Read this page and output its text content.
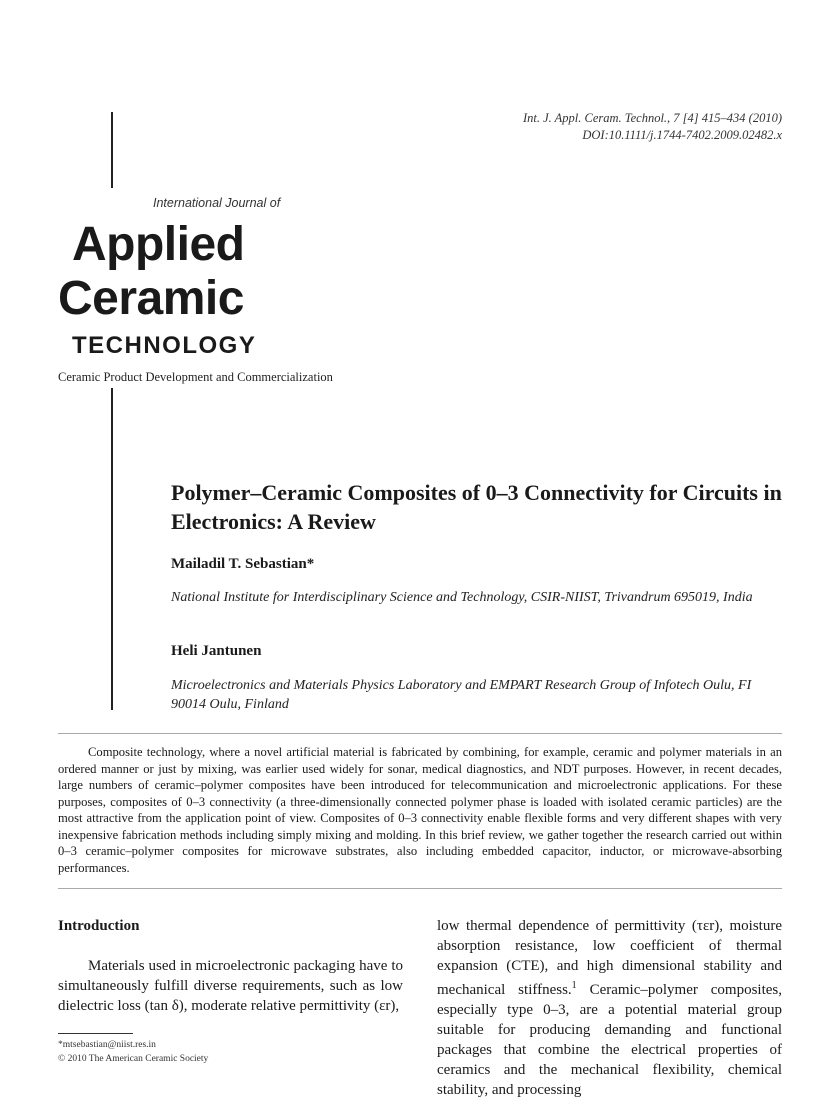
Int. J. Appl. Ceram. Technol., 7 [4] 415–434 (2010)
DOI:10.1111/j.1744-7402.2009.02482.x
International Journal of
Applied
Ceramic
TECHNOLOGY
Ceramic Product Development and Commercialization
Polymer–Ceramic Composites of 0–3 Connectivity for Circuits in Electronics: A Review
Mailadil T. Sebastian*
National Institute for Interdisciplinary Science and Technology, CSIR-NIIST, Trivandrum 695019, India
Heli Jantunen
Microelectronics and Materials Physics Laboratory and EMPART Research Group of Infotech Oulu, FI 90014 Oulu, Finland

Composite technology, where a novel artificial material is fabricated by combining, for example, ceramic and polymer materials in an ordered manner or just by mixing, was earlier used widely for sonar, medical diagnostics, and NDT purposes. However, in recent decades, large numbers of ceramic–polymer composites have been introduced for telecommunication and microelectronic applications. For these purposes, composites of 0–3 connectivity (a three-dimensionally connected polymer phase is loaded with isolated ceramic particles) are the most attractive from the application point of view. Composites of 0–3 connectivity enable flexible forms and very different shapes with very inexpensive fabrication methods including simply mixing and molding. In this brief review, we gather together the research carried out within 0–3 ceramic–polymer composites for microwave substrates, also including embedded capacitor, inductor, or microwave-absorbing performances.

Introduction

Materials used in microelectronic packaging have to simultaneously fulfill diverse requirements, such as low dielectric loss (tan δ), moderate relative permittivity (εr),

low thermal dependence of permittivity (τεr), moisture absorption resistance, low coefficient of thermal expansion (CTE), and high dimensional stability and mechanical stiffness.$^1$ Ceramic–polymer composites, especially type 0–3, are a potential material group suitable for producing demanding and functional packages that combine the electrical properties of ceramics and the mechanical flexibility, chemical stability, and processing

*mtsebastian@niist.res.in
© 2010 The American Ceramic Society
